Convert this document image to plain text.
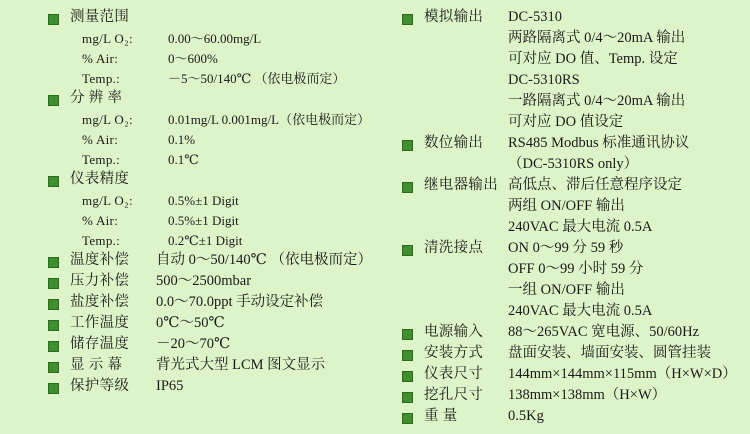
测量范围
mg/L O₂:	0.00～60.00mg/L
% Air:	0～600%
Temp.:	－5～50/140℃ （依电极而定）
分 辨 率
mg/L O₂:	0.01mg/L 0.001mg/L（依电极而定）
% Air:	0.1%
Temp.:	0.1℃
仪表精度
mg/L O₂:	0.5%±1 Digit
% Air:	0.5%±1 Digit
Temp.:	0.2℃±1 Digit
温度补偿	自动 0～50/140℃ （依电极而定）
压力补偿	500～2500mbar
盐度补偿	0.0～70.0ppt 手动设定补偿
工作温度	0℃～50℃
储存温度	－20～70℃
显 示 幕	背光式大型 LCM 图文显示
保护等级	IP65
模拟输出	DC-5310
两路隔离式 0/4～20mA 输出
可对应 DO 值、Temp. 设定
DC-5310RS
一路隔离式 0/4～20mA 输出
可对应 DO 值设定
数位输出	RS485 Modbus 标准通讯协议
（DC-5310RS only）
继电器输出 高低点、滞后任意程序设定
两组 ON/OFF 输出
240VAC 最大电流 0.5A
清洗接点	ON 0～99 分 59 秒
OFF 0～99 小时 59 分
一组 ON/OFF 输出
240VAC 最大电流 0.5A
电源输入	88～265VAC 宽电源、50/60Hz
安装方式	盘面安装、墙面安装、圆管挂装
仪表尺寸	144mm×144mm×115mm（H×W×D）
挖孔尺寸	138mm×138mm（H×W）
重 量	0.5Kg
